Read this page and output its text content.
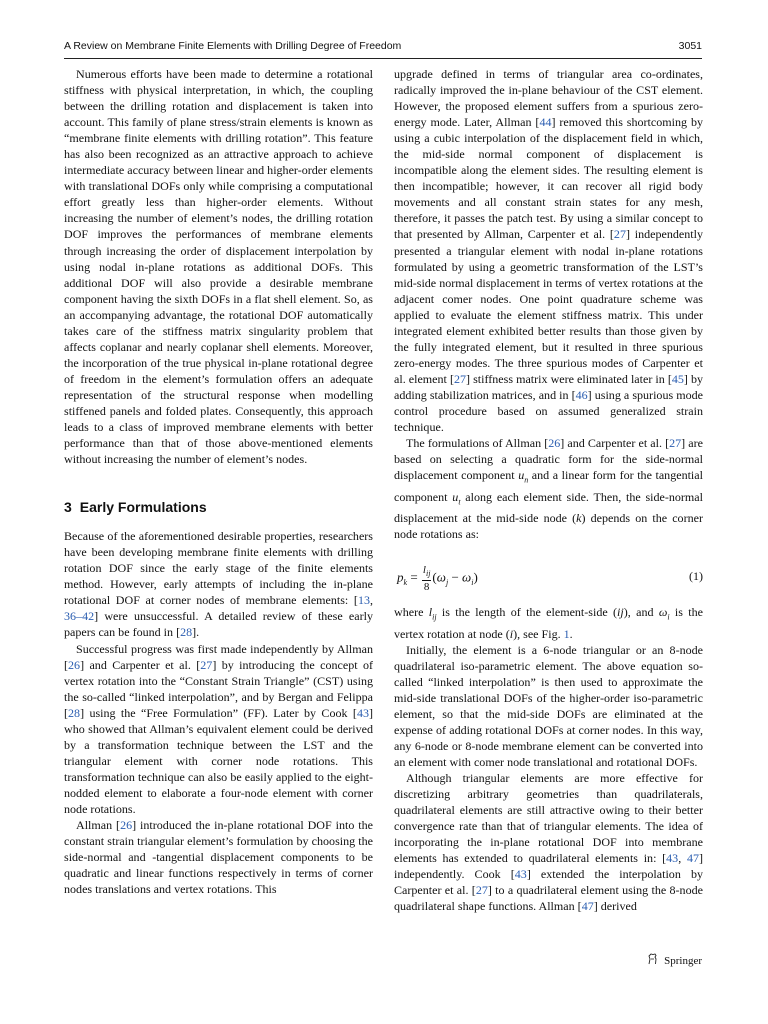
A Review on Membrane Finite Elements with Drilling Degree of Freedom	3051

Numerous efforts have been made to determine a rotational stiffness with physical interpretation, in which, the coupling between the drilling rotation and displacement is taken into account. This family of plane stress/strain elements is known as “membrane finite elements with drilling rotation”. This feature has also been recognized as an attractive approach to achieve intermediate accuracy between linear and higher-order elements with translational DOFs only while comprising a computational effort greatly less than higher-order elements. Without increasing the number of element’s nodes, the drilling rotation DOF improves the performances of membrane elements through increasing the order of displacement interpolation by using nodal in-plane rotations as additional DOFs. This additional DOF will also provide a desirable membrane component having the sixth DOFs in a flat shell element. So, as an accompanying advantage, the rotational DOF automatically takes care of the stiffness matrix singularity problem that affects coplanar and nearly coplanar shell elements. Moreover, the incorporation of the true physical in-plane rotational degree of freedom in the element’s formulation offers an adequate representation of the structural response when modelling stiffened panels and folded plates. Consequently, this approach leads to a class of improved membrane elements with better performance than that of those above-mentioned elements without increasing the number of element’s nodes.

3 Early Formulations

Because of the aforementioned desirable properties, researchers have been developing membrane finite elements with drilling rotation DOF since the early stage of the finite elements method. However, early attempts of including the in-plane rotational DOF at corner nodes of membrane elements: [13, 36–42] were unsuccessful. A detailed review of these early papers can be found in [28].

Successful progress was first made independently by Allman [26] and Carpenter et al. [27] by introducing the concept of vertex rotation into the “Constant Strain Triangle” (CST) using the so-called “linked interpolation”, and by Bergan and Felippa [28] using the “Free Formulation” (FF). Later by Cook [43] who showed that Allman’s equivalent element could be derived by a transformation technique between the LST and the triangular element with corner node rotations. This transformation technique can also be easily applied to the eight-nodded element to elaborate a four-node element with corner node rotations.

Allman [26] introduced the in-plane rotational DOF into the constant strain triangular element’s formulation by choosing the side-normal and -tangential displacement components to be quadratic and linear functions respectively in terms of corner nodes translations and vertex rotations. This

upgrade defined in terms of triangular area co-ordinates, radically improved the in-plane behaviour of the CST element. However, the proposed element suffers from a spurious zero-energy mode. Later, Allman [44] removed this shortcoming by using a cubic interpolation of the displacement field in which, the mid-side normal component of displacement is incompatible along the element sides. The resulting element is then incompatible; however, it can recover all rigid body movements and all constant strain states for any mesh, therefore, it passes the patch test. By using a similar concept to that presented by Allman, Carpenter et al. [27] independently presented a triangular element with nodal in-plane rotations formulated by using a geometric transformation of the LST’s mid-side normal displacement in terms of vertex rotations at the adjacent comer nodes. One point quadrature scheme was applied to evaluate the element stiffness matrix. This under integrated element exhibited better results than those given by the fully integrated element, but it resulted in three spurious zero-energy modes. The three spurious modes of Carpenter et al. element [27] stiffness matrix were eliminated later in [45] by adding stabilization matrices, and in [46] using a spurious mode control procedure based on assumed generalized strain technique.

The formulations of Allman [26] and Carpenter et al. [27] are based on selecting a quadratic form for the side-normal displacement component $u_n$ and a linear form for the tangential component $u_t$ along each element side. Then, the side-normal displacement at the mid-side node (k) depends on the corner node rotations as:

$p_k = \frac{l_{ij}}{8} (\omega_j - \omega_i)$	(1)

where $l_{ij}$ is the length of the element-side (ij), and $\omega_i$ is the vertex rotation at node (i), see Fig. 1.

Initially, the element is a 6-node triangular or an 8-node quadrilateral iso-parametric element. The above equation so-called “linked interpolation” is then used to approximate the mid-side translational DOFs of the higher-order iso-parametric element, so that the mid-side DOFs are eliminated at the expense of adding rotational DOFs at corner nodes. In this way, any 6-node or 8-node membrane element can be converted into an element with comer node translational and rotational DOFs.

Although triangular elements are more effective for discretizing arbitrary geometries than quadrilaterals, quadrilateral elements are still attractive owing to their better convergence rate than that of triangular elements. The idea of incorporating the in-plane rotational DOF into membrane elements has extended to quadrilateral elements in: [43, 47] independently. Cook [43] extended the interpolation by Carpenter et al. [27] to a quadrilateral element using the 8-node quadrilateral shape functions. Allman [47] derived

Springer
